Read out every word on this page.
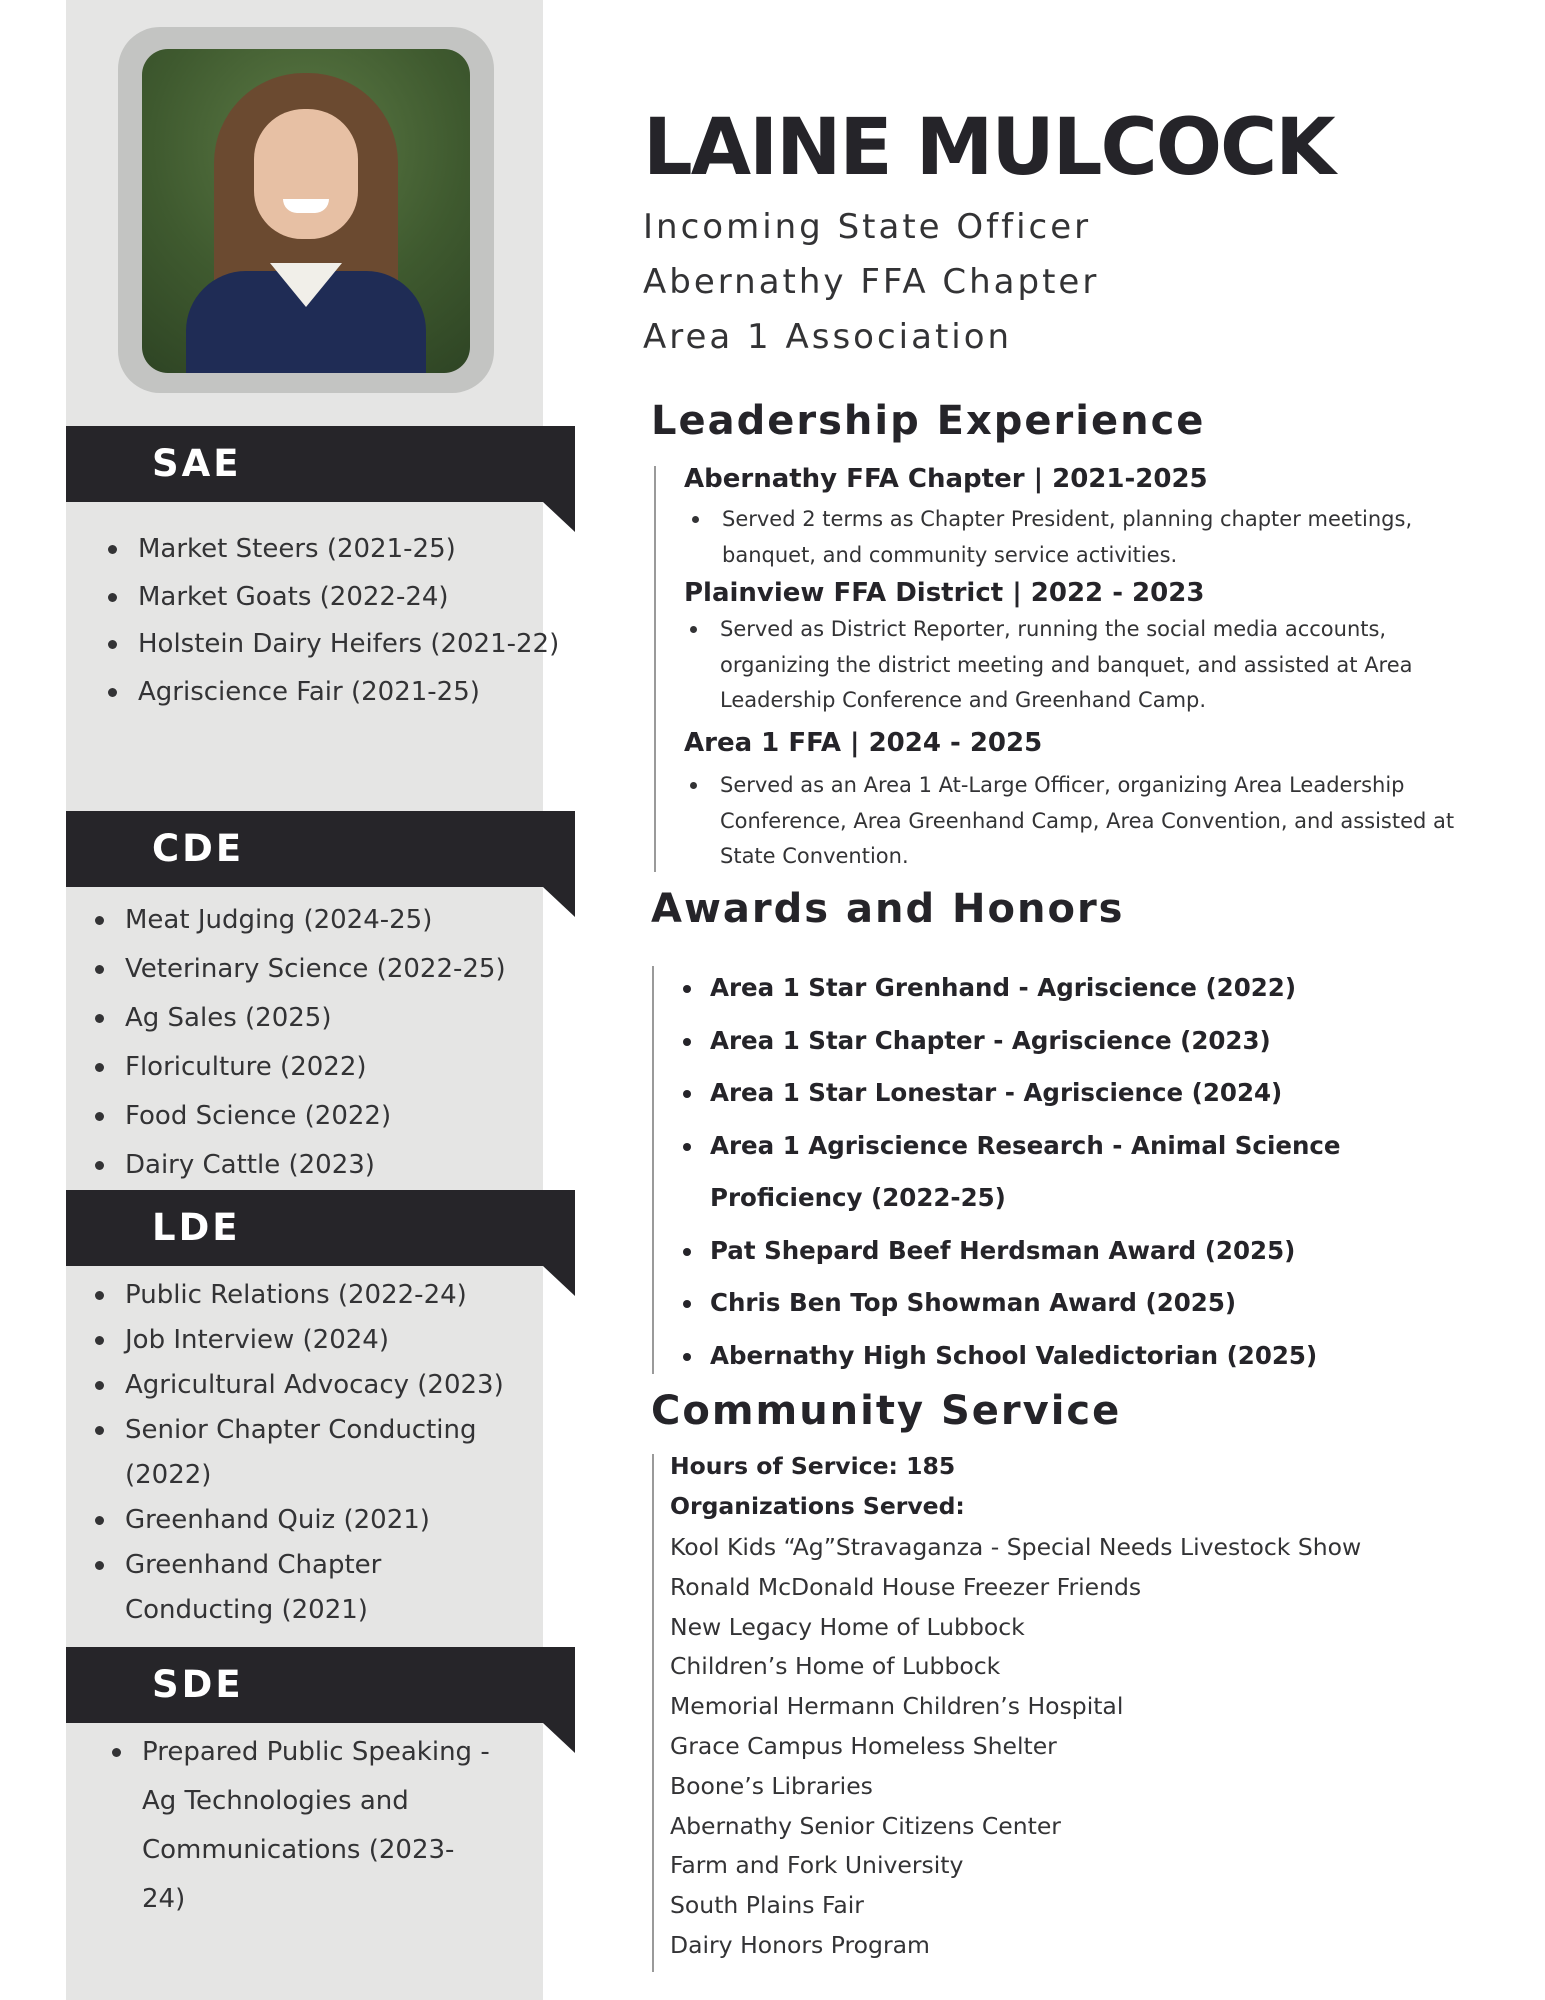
SAE
Market Steers (2021-25)
Market Goats (2022-24)
Holstein Dairy Heifers (2021-22)
Agriscience Fair (2021-25)
CDE
Meat Judging (2024-25)
Veterinary Science (2022-25)
Ag Sales (2025)
Floriculture (2022)
Food Science (2022)
Dairy Cattle (2023)
LDE
Public Relations (2022-24)
Job Interview (2024)
Agricultural Advocacy (2023)
Senior Chapter Conducting (2022)
Greenhand Quiz (2021)
Greenhand Chapter Conducting (2021)
SDE
Prepared Public Speaking - Ag Technologies and Communications (2023-24)
LAINE MULCOCK

Incoming State Officer

Abernathy FFA Chapter

Area 1 Association

Leadership Experience

Abernathy FFA Chapter | 2021-2025

Served 2 terms as Chapter President, planning chapter meetings, banquet, and community service activities.

Plainview FFA District | 2022 - 2023

Served as District Reporter, running the social media accounts, organizing the district meeting and banquet, and assisted at Area Leadership Conference and Greenhand Camp.

Area 1 FFA | 2024 - 2025

Served as an Area 1 At-Large Officer, organizing Area Leadership Conference, Area Greenhand Camp, Area Convention, and assisted at State Convention.

Awards and Honors
Area 1 Star Grenhand - Agriscience (2022)
Area 1 Star Chapter - Agriscience (2023)
Area 1 Star Lonestar - Agriscience (2024)
Area 1 Agriscience Research - Animal Science Proficiency (2022-25)
Pat Shepard Beef Herdsman Award (2025)
Chris Ben Top Showman Award (2025)
Abernathy High School Valedictorian (2025)
Community Service

Hours of Service: 185

Organizations Served:

Kool Kids “Ag”Stravaganza - Special Needs Livestock Show
Ronald McDonald House Freezer Friends
New Legacy Home of Lubbock
Children’s Home of Lubbock
Memorial Hermann Children’s Hospital
Grace Campus Homeless Shelter
Boone’s Libraries
Abernathy Senior Citizens Center
Farm and Fork University
South Plains Fair
Dairy Honors Program
